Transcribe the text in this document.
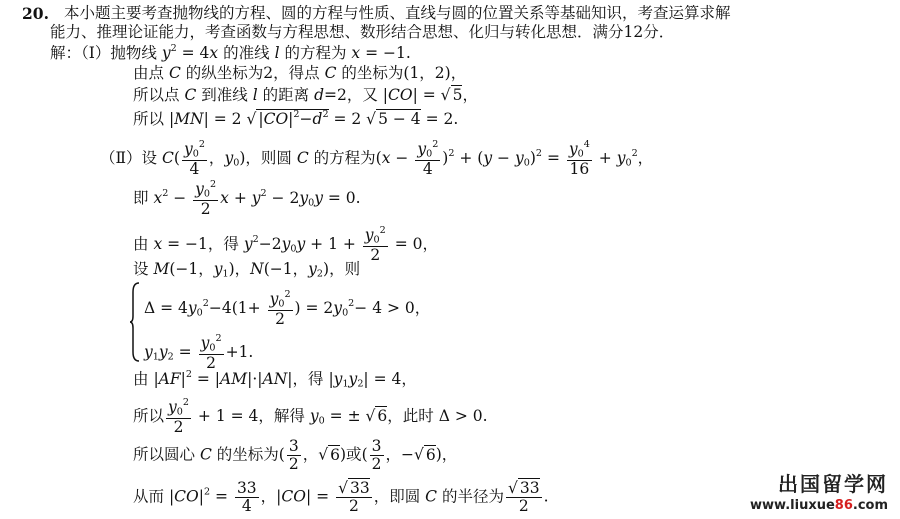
20. 本小题主要考查抛物线的方程、圆的方程与性质、直线与圆的位置关系等基础知识，考查运算求解
能力、推理论证能力，考查函数与方程思想、数形结合思想、化归与转化思想．满分12分．
解：（Ⅰ）抛物线 $y^2 = 4x$ 的准线 l 的方程为 x = −1.
由点 C 的纵坐标为2，得点 C 的坐标为(1，2)，
所以点 C 到准线 l 的距离 d=2，又 |CO| = √ 5，
所以 |MN| = 2 √ $|CO|^2-d^2 = 2$ √ 5 − 4 = 2.
（Ⅱ）设 $C( \frac{y_0^2}{4}$ ，$y_0$)，则圆 C 的方程为$(x - \frac{y_0^2}{4} )^2 + (y - y_0)^2 = \frac{y_0^4}{16} + y_0^2$，
即 $x^2 - \frac{y_0^2}{2}$ $x + y^2 - 2y_0y = 0$.
由 x = −1，得 $y^2-2y_0y + 1 + \frac{y_0^2}{2} = 0$，
设 M(−1，$y_1$)，N(−1，$y_2$)，则
$\Delta = 4y_0^2-4(1+ \frac{y_0^2}{2}$ ) = $2y_0^2- 4 > 0$，
$y_1y_2 = \frac{y_0^2}{2} +1$.
由 $|AF|^2 = |AM|\cdot|AN|$，得 $|y_1y_2| = 4$，
所以 $\frac{y_0^2}{2} + 1 = 4$，解得 $y_0$ = ± √ 6，此时 Δ > 0.
所以圆心 C 的坐标为( $\frac{3}{2}$ ，√ 6)或( $\frac{3}{2}$ ，−√ 6)，
从而 $|CO|^2 = \frac{33}{4}$ ，$|CO| = \frac{√ 33}{2}$ ，即圆 C 的半径为 $\frac{√ 33}{2}$ .
出国留学网
www.liuxue86.com
